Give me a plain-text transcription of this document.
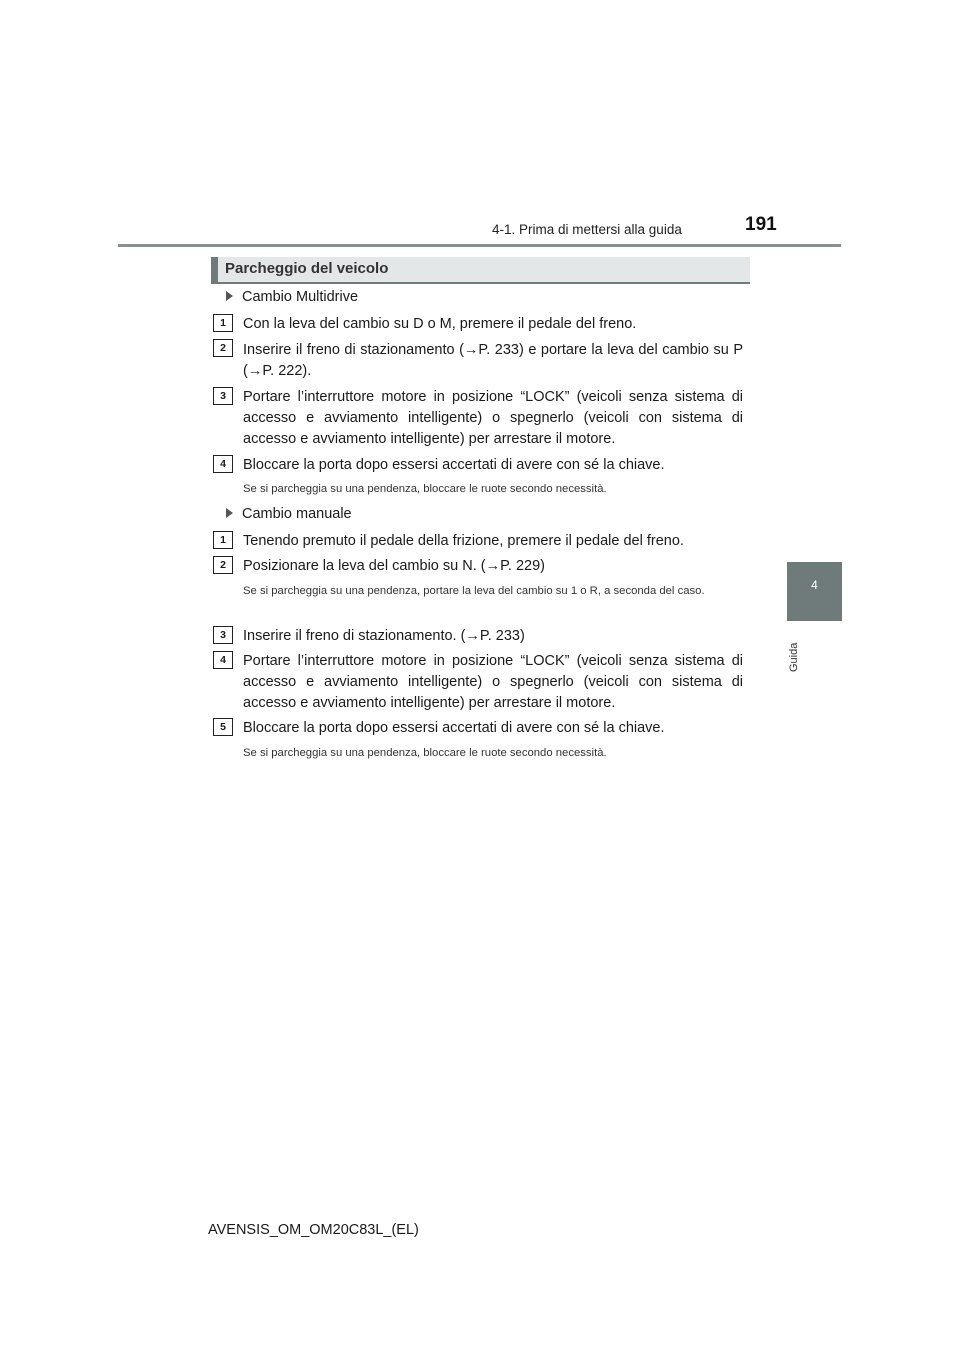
4-1. Prima di mettersi alla guida	191
4
Guida
Parcheggio del veicolo
Cambio Multidrive
1	Con la leva del cambio su D o M, premere il pedale del freno.
2	Inserire il freno di stazionamento (→P. 233) e portare la leva del cambio su P (→P. 222).
3	Portare l’interruttore motore in posizione “LOCK” (veicoli senza sistema di accesso e avviamento intelligente) o spegnerlo (veicoli con sistema di accesso e avviamento intelligente) per arrestare il motore.
4	Bloccare la porta dopo essersi accertati di avere con sé la chiave.
Se si parcheggia su una pendenza, bloccare le ruote secondo necessità.
Cambio manuale
1	Tenendo premuto il pedale della frizione, premere il pedale del freno.
2	Posizionare la leva del cambio su N. (→P. 229)
Se si parcheggia su una pendenza, portare la leva del cambio su 1 o R, a seconda del caso.
3	Inserire il freno di stazionamento. (→P. 233)
4	Portare l’interruttore motore in posizione “LOCK” (veicoli senza sistema di accesso e avviamento intelligente) o spegnerlo (veicoli con sistema di accesso e avviamento intelligente) per arrestare il motore.
5	Bloccare la porta dopo essersi accertati di avere con sé la chiave.
Se si parcheggia su una pendenza, bloccare le ruote secondo necessità.
AVENSIS_OM_OM20C83L_(EL)
